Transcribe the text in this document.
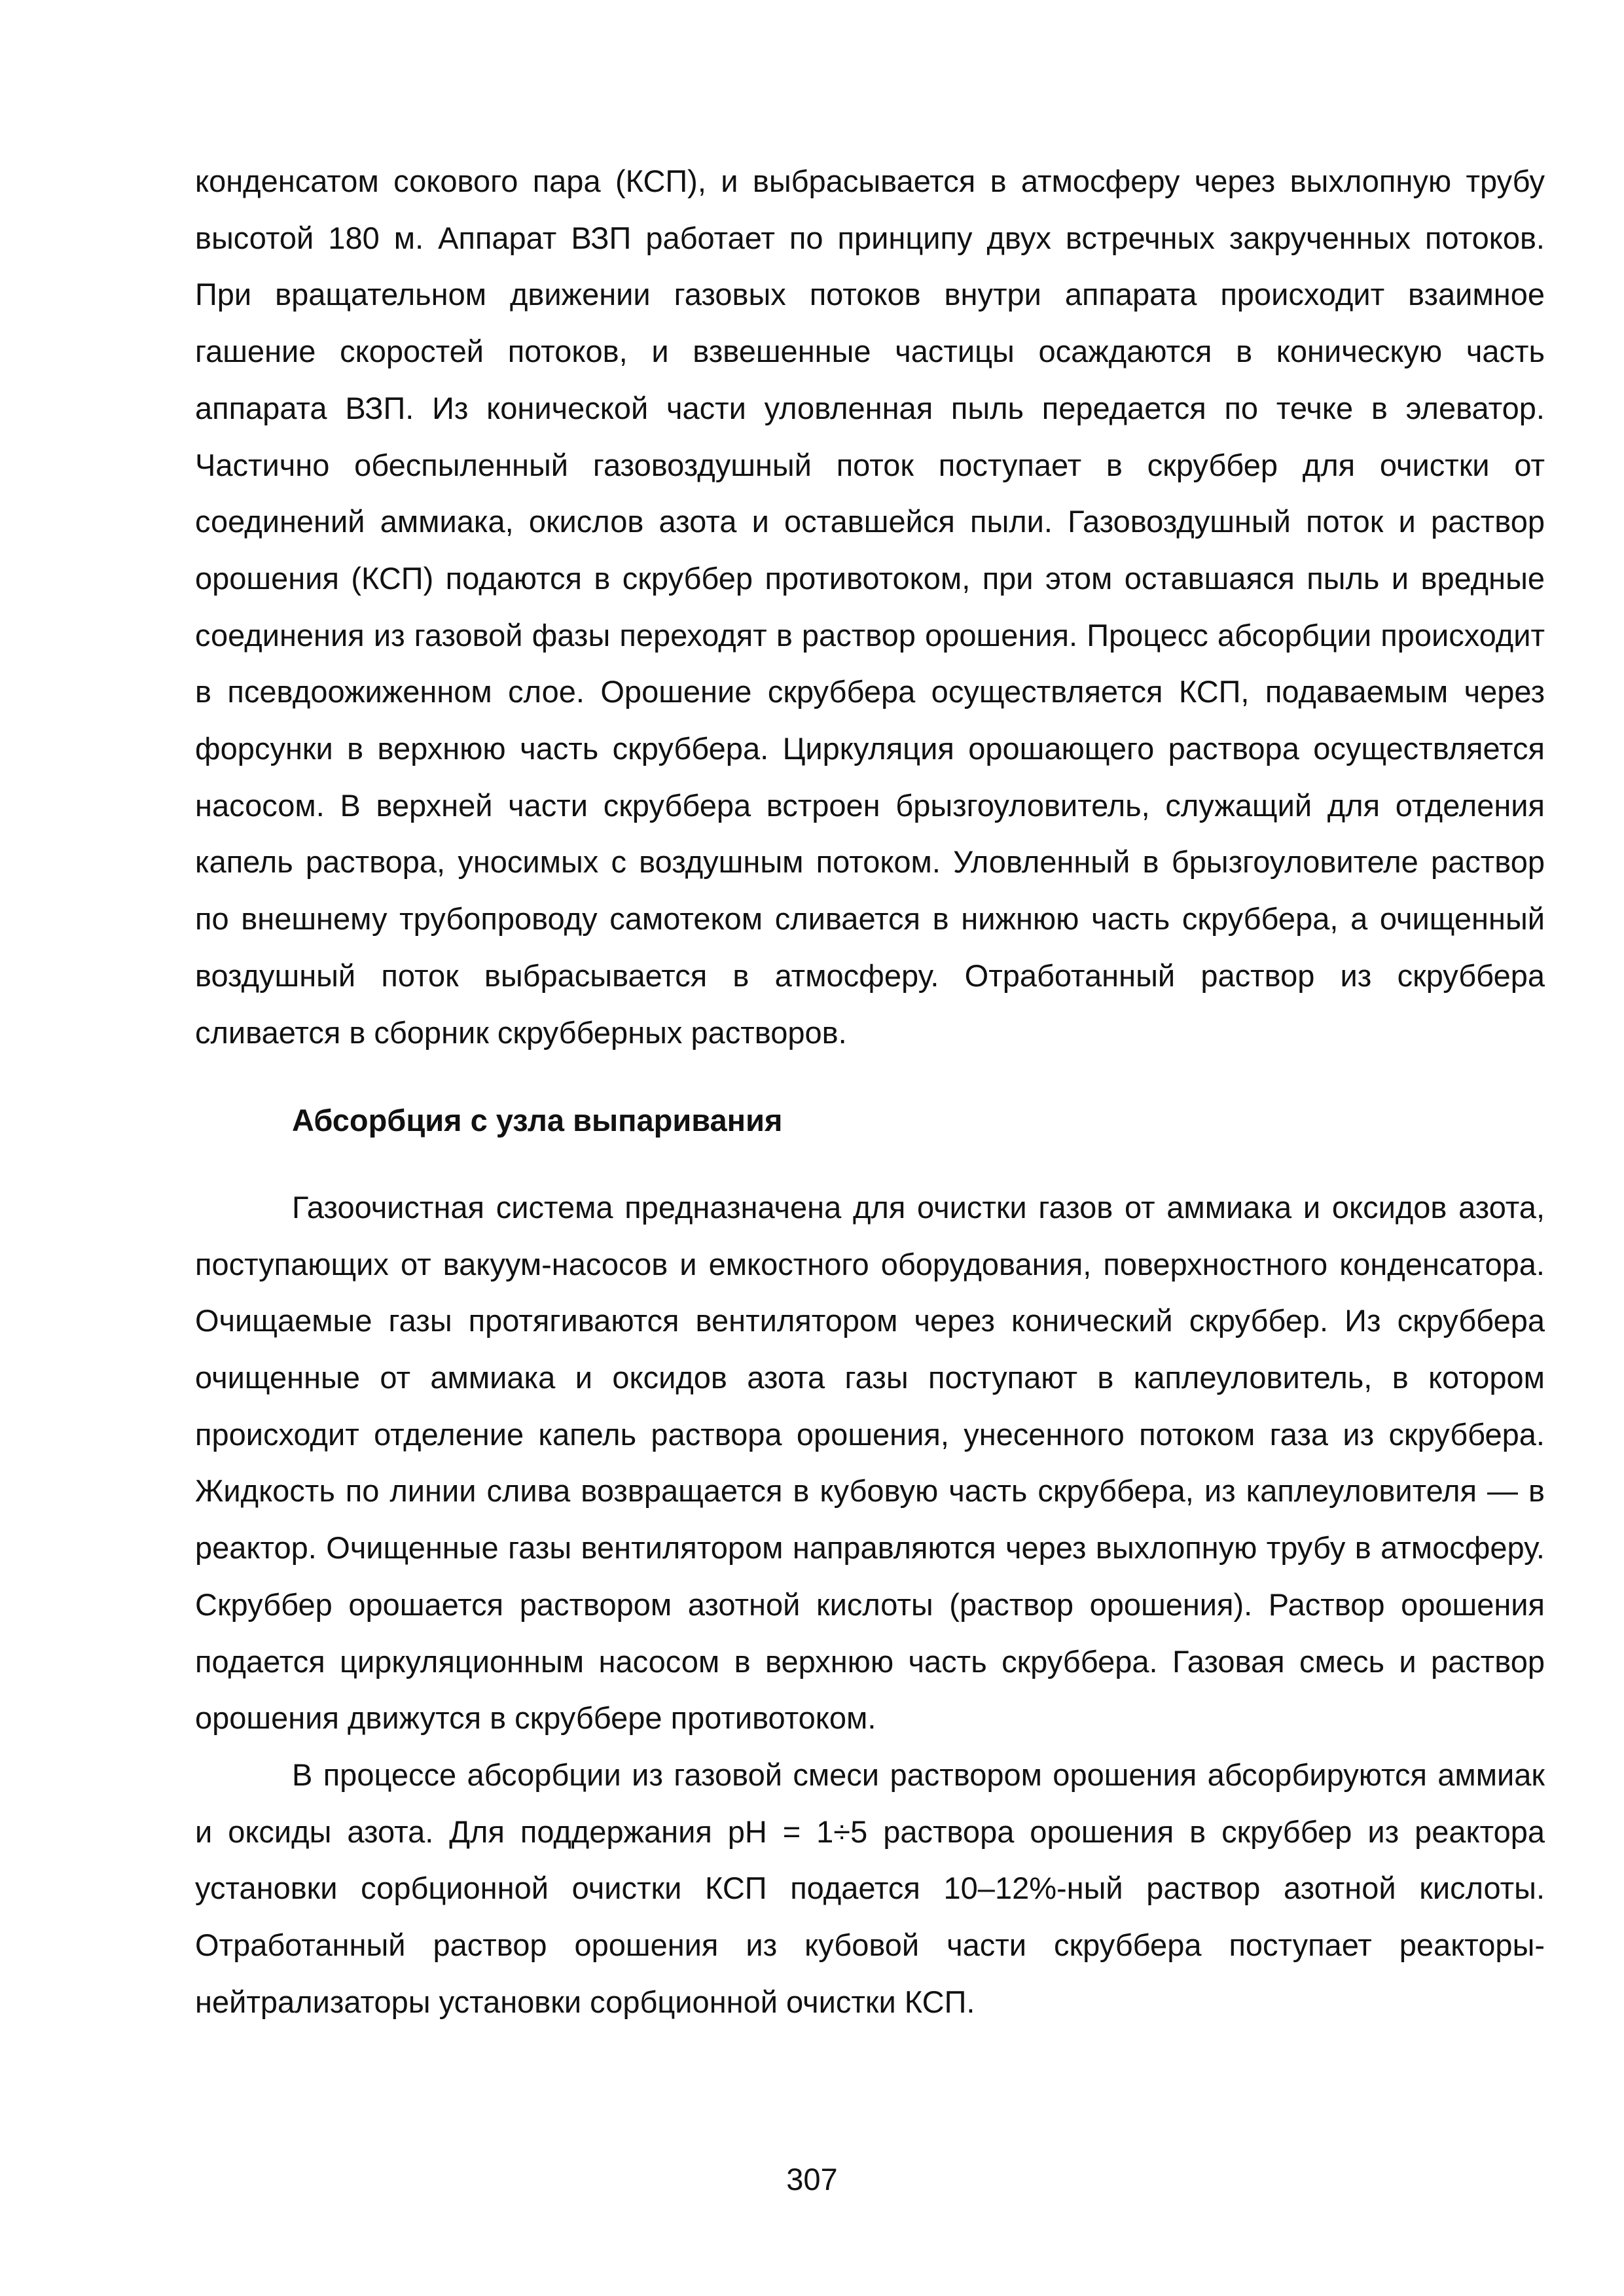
конденсатом сокового пара (КСП), и выбрасывается в атмосферу через выхлопную трубу высотой 180 м. Аппарат ВЗП работает по принципу двух встречных закрученных потоков. При вращательном движении газовых потоков внутри аппарата происходит взаимное гашение скоростей потоков, и взвешенные частицы осаждаются в коническую часть аппарата ВЗП. Из конической части уловленная пыль передается по течке в элеватор. Частично обеспыленный газовоздушный поток поступает в скруббер для очистки от соединений аммиака, окислов азота и оставшейся пыли. Газовоздушный поток и раствор орошения (КСП) подаются в скруббер противотоком, при этом оставшаяся пыль и вредные соединения из газовой фазы переходят в раствор орошения. Процесс абсорбции происходит в псевдоожиженном слое. Орошение скруббера осуществляется КСП, подаваемым через форсунки в верхнюю часть скруббера. Циркуляция орошающего раствора осуществляется насосом. В верхней части скруббера встроен брызгоуловитель, служащий для отделения капель раствора, уносимых с воздушным потоком. Уловленный в брызгоуловителе раствор по внешнему трубопроводу самотеком сливается в нижнюю часть скруббера, а очищенный воздушный поток выбрасывается в атмосферу. Отработанный раствор из скруббера сливается в сборник скрубберных растворов.

Абсорбция с узла выпаривания

Газоочистная система предназначена для очистки газов от аммиака и оксидов азота, поступающих от вакуум-насосов и емкостного оборудования, поверхностного конденсатора. Очищаемые газы протягиваются вентилятором через конический скруббер. Из скруббера очищенные от аммиака и оксидов азота газы поступают в каплеуловитель, в котором происходит отделение капель раствора орошения, унесенного потоком газа из скруббера. Жидкость по линии слива возвращается в кубовую часть скруббера, из каплеуловителя — в реактор. Очищенные газы вентилятором направляются через выхлопную трубу в атмосферу. Скруббер орошается раствором азотной кислоты (раствор орошения). Раствор орошения подается циркуляционным насосом в верхнюю часть скруббера. Газовая смесь и раствор орошения движутся в скруббере противотоком.

В процессе абсорбции из газовой смеси раствором орошения абсорбируются аммиак и оксиды азота. Для поддержания pH = 1÷5 раствора орошения в скруббер из реактора установки сорбционной очистки КСП подается 10–12%-ный раствор азотной кислоты. Отработанный раствор орошения из кубовой части скруббера поступает реакторы-нейтрализаторы установки сорбционной очистки КСП.

307
